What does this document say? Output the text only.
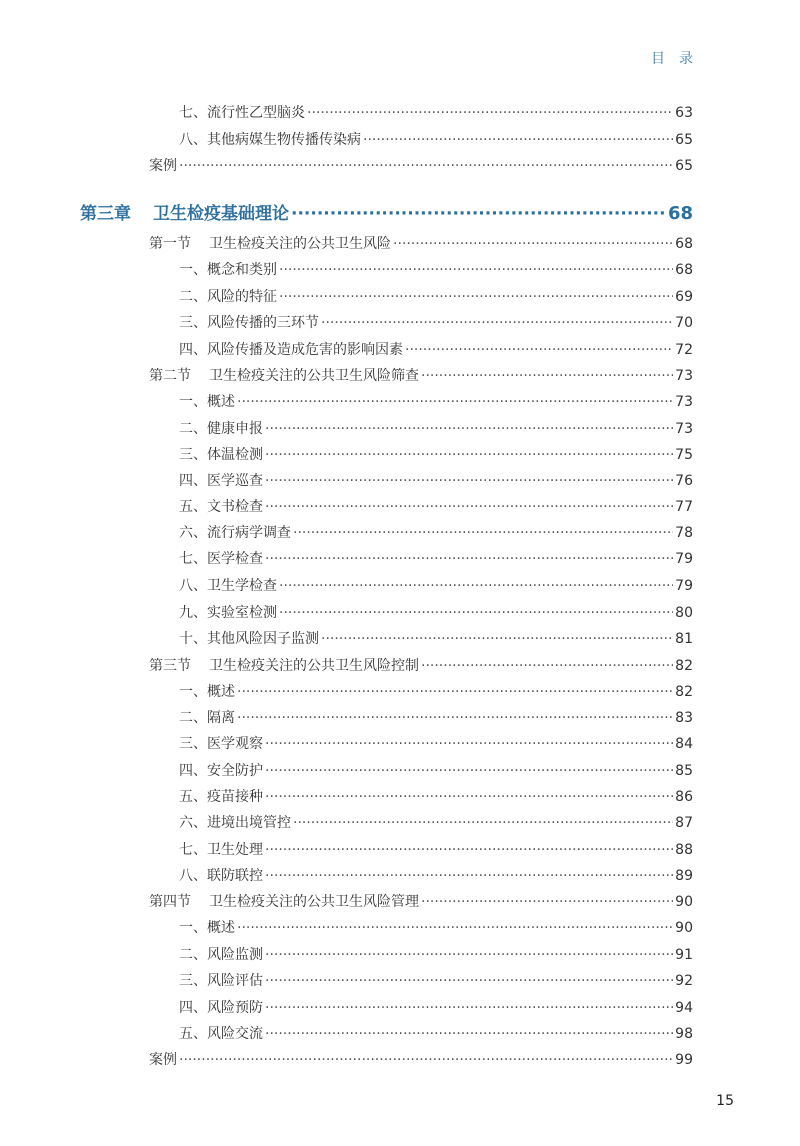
目录
七、流行性乙型脑炎 ·····	63
八、其他病媒生物传播传染病 ·····	65
案例 ·····	65
第三章 卫生检疫基础理论 ·····	68
第一节 卫生检疫关注的公共卫生风险 ·····	68
一、概念和类别 ·····	68
二、风险的特征 ·····	69
三、风险传播的三环节 ·····	70
四、风险传播及造成危害的影响因素 ·····	72
第二节 卫生检疫关注的公共卫生风险筛查 ·····	73
一、概述 ·····	73
二、健康申报 ·····	73
三、体温检测 ·····	75
四、医学巡查 ·····	76
五、文书检查 ·····	77
六、流行病学调查 ·····	78
七、医学检查 ·····	79
八、卫生学检查 ·····	79
九、实验室检测 ·····	80
十、其他风险因子监测 ·····	81
第三节 卫生检疫关注的公共卫生风险控制 ·····	82
一、概述 ·····	82
二、隔离 ·····	83
三、医学观察 ·····	84
四、安全防护 ·····	85
五、疫苗接种 ·····	86
六、进境出境管控 ·····	87
七、卫生处理 ·····	88
八、联防联控 ·····	89
第四节 卫生检疫关注的公共卫生风险管理 ·····	90
一、概述 ·····	90
二、风险监测 ·····	91
三、风险评估 ·····	92
四、风险预防 ·····	94
五、风险交流 ·····	98
案例 ·····	99
15
